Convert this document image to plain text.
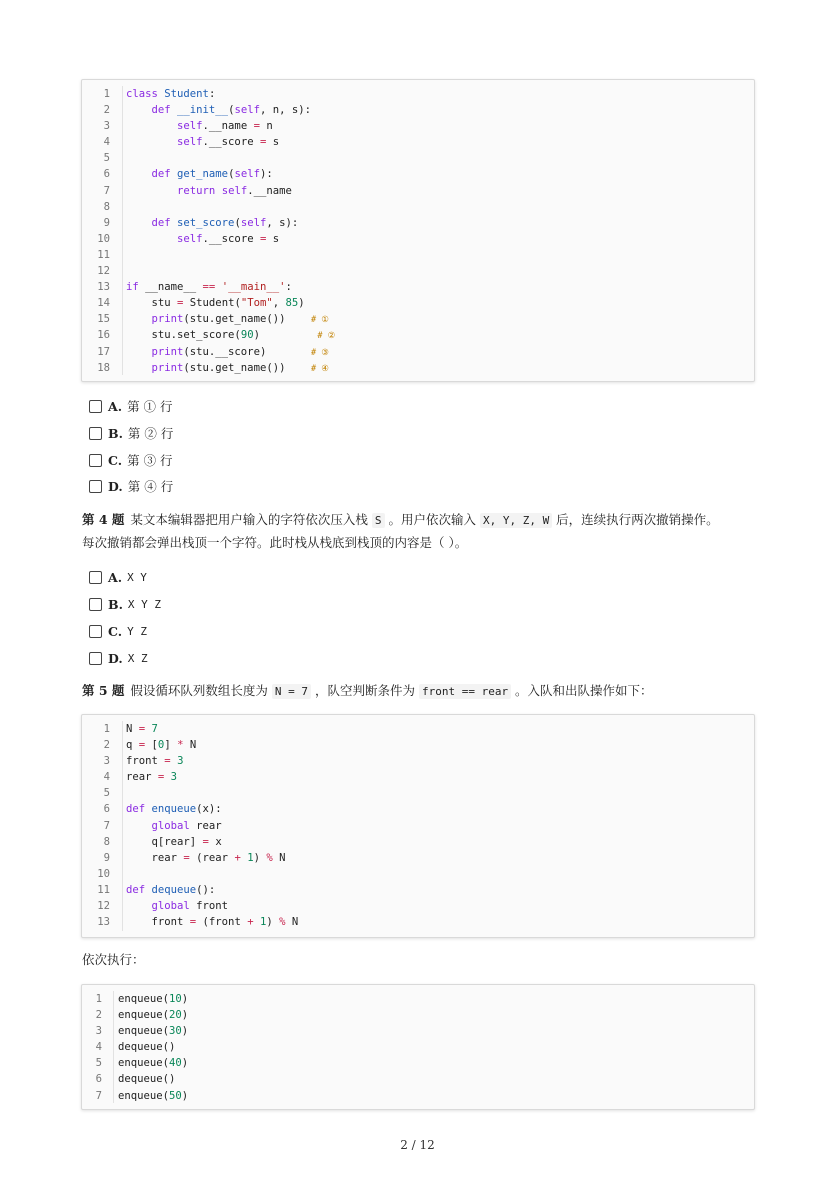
1 class Student:
2	def __init__(self, n, s):
3	self.__name = n
4	self.__score = s
5
6	def get_name(self):
7	return self.__name
8
9	def set_score(self, s):
10	self.__score = s
11
12
13 if __name__ == '__main__':
14 stu = Student("Tom", 85)
15	print(stu.get_name())    # ①
16 stu.set_score(90)         # ②
17	print(stu.__score)       # ③
18	print(stu.get_name())    # ④
A. 第 ① 行
B. 第 ② 行
C. 第 ③ 行
D. 第 ④ 行
第 4 题 某文本编辑器把用户输入的字符依次压入栈 S 。用户依次输入 X, Y, Z, W 后，连续执行两次撤销操作。
每次撤销都会弹出栈顶一个字符。此时栈从栈底到栈顶的内容是（ ）。
A. X Y
B. X Y Z
C. Y Z
D. X Z
第 5 题 假设循环队列数组长度为 N = 7 ，队空判断条件为 front == rear 。入队和出队操作如下：
1 N = 7
2 q = [0] * N
3 front = 3
4 rear = 3
5
6 def enqueue(x):
7	global rear
8 q[rear] = x
9 rear = (rear + 1) % N
10
11 def dequeue():
12	global front
13 front = (front + 1) % N
依次执行：
1 enqueue(10)
2 enqueue(20)
3 enqueue(30)
4 dequeue()
5 enqueue(40)
6 dequeue()
7 enqueue(50)
2 / 12
